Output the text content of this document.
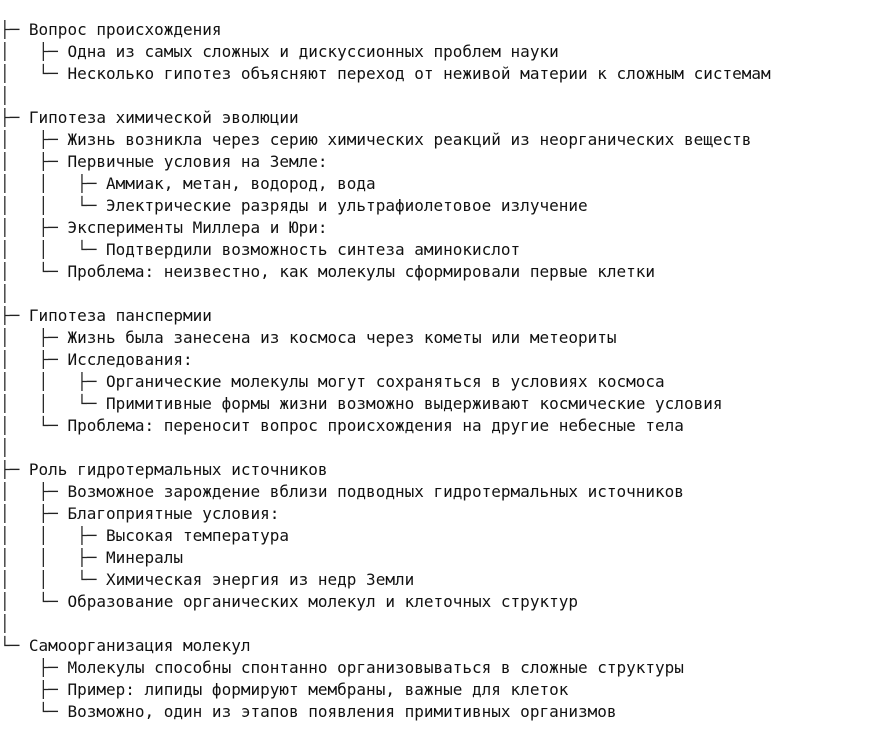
├─ Вопрос происхождения
│   ├─ Одна из самых сложных и дискуссионных проблем науки
│   └─ Несколько гипотез объясняют переход от неживой материи к сложным системам
│
├─ Гипотеза химической эволюции
│   ├─ Жизнь возникла через серию химических реакций из неорганических веществ
│   ├─ Первичные условия на Земле:
│   │   ├─ Аммиак, метан, водород, вода
│   │   └─ Электрические разряды и ультрафиолетовое излучение
│   ├─ Эксперименты Миллера и Юри:
│   │   └─ Подтвердили возможность синтеза аминокислот
│   └─ Проблема: неизвестно, как молекулы сформировали первые клетки
│
├─ Гипотеза панспермии
│   ├─ Жизнь была занесена из космоса через кометы или метеориты
│   ├─ Исследования:
│   │   ├─ Органические молекулы могут сохраняться в условиях космоса
│   │   └─ Примитивные формы жизни возможно выдерживают космические условия
│   └─ Проблема: переносит вопрос происхождения на другие небесные тела
│
├─ Роль гидротермальных источников
│   ├─ Возможное зарождение вблизи подводных гидротермальных источников
│   ├─ Благоприятные условия:
│   │   ├─ Высокая температура
│   │   ├─ Минералы
│   │   └─ Химическая энергия из недр Земли
│   └─ Образование органических молекул и клеточных структур
│
└─ Самоорганизация молекул
├─ Молекулы способны спонтанно организовываться в сложные структуры
├─ Пример: липиды формируют мембраны, важные для клеток
└─ Возможно, один из этапов появления примитивных организмов
